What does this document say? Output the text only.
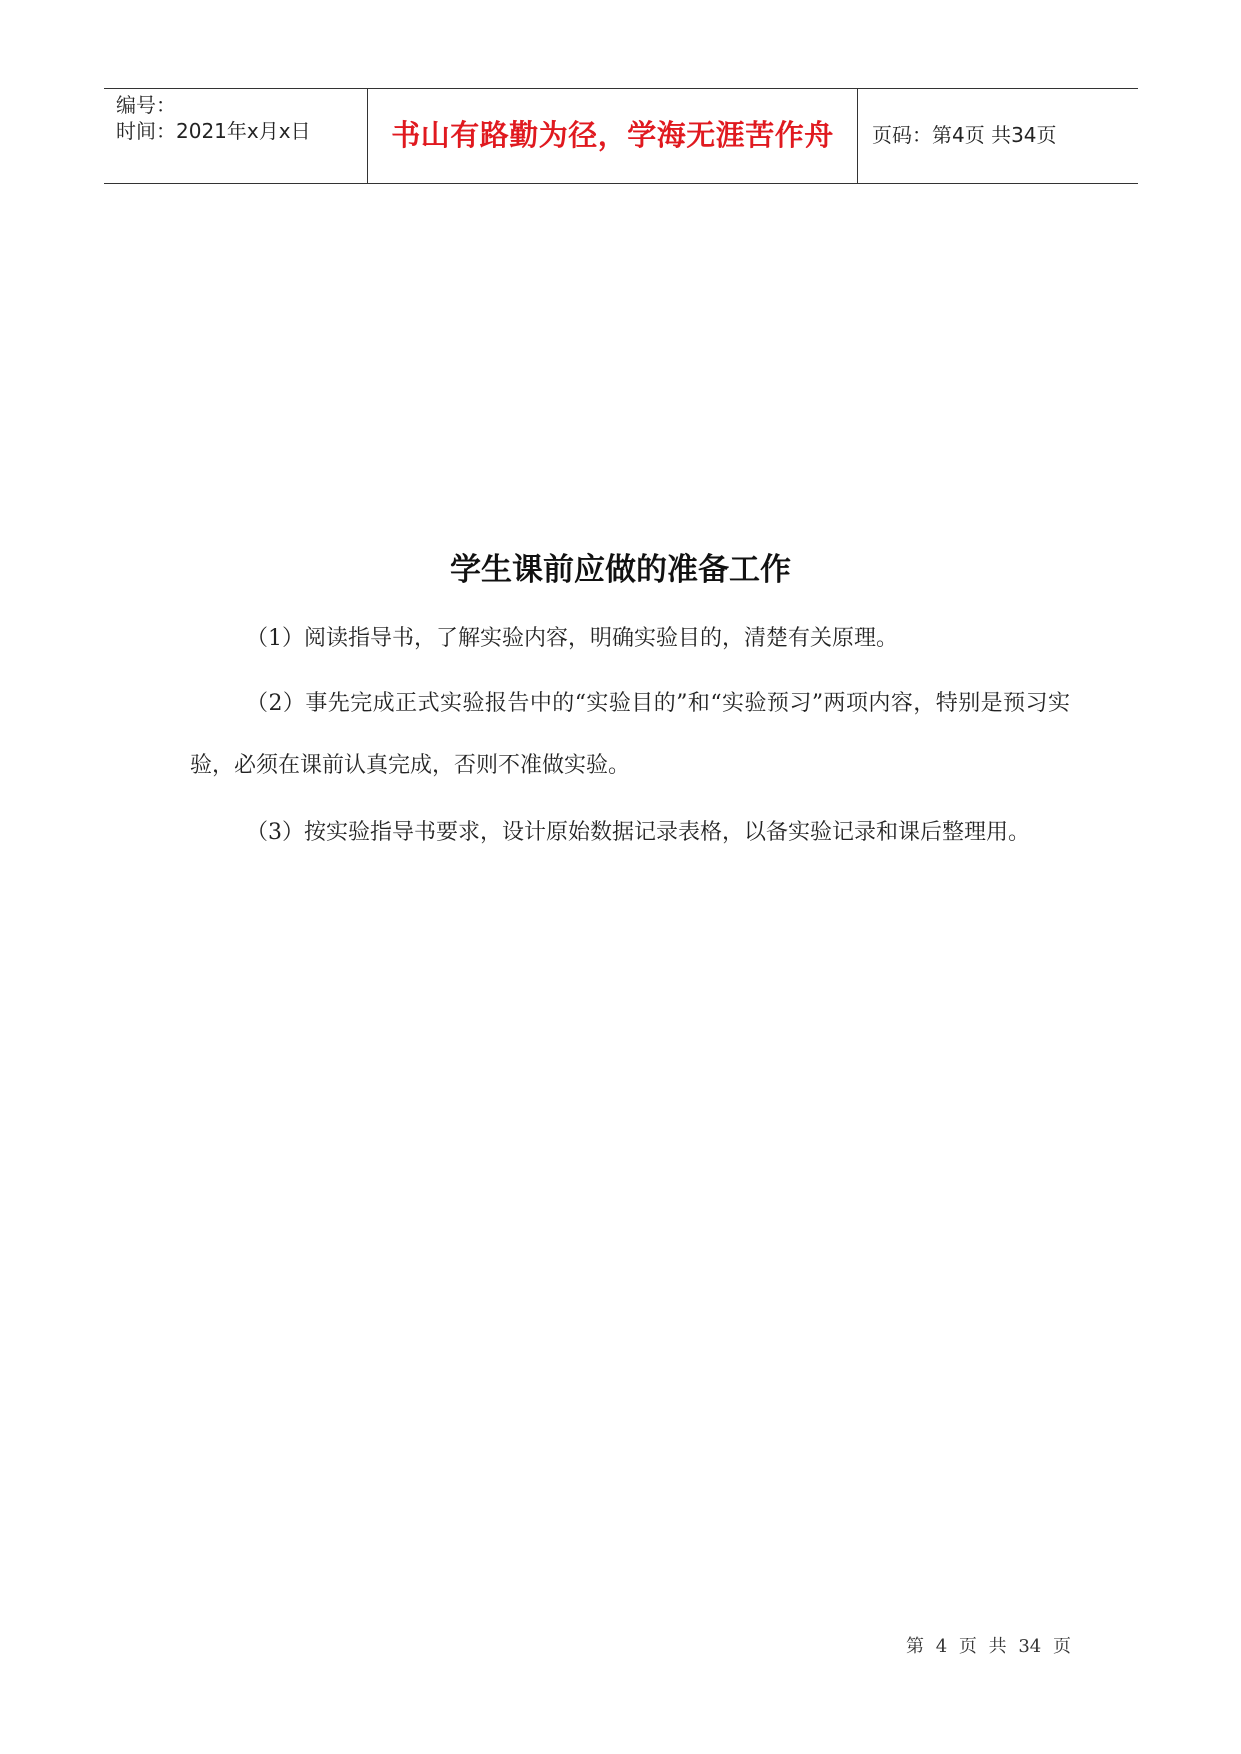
编号：
时间：2021年x月x日	书山有路勤为径，学海无涯苦作舟	页码：第4页 共34页
学生课前应做的准备工作
（1）阅读指导书，了解实验内容，明确实验目的，清楚有关原理。
（2）事先完成正式实验报告中的“实验目的”和“实验预习”两项内容，特别是预习实验，必须在课前认真完成，否则不准做实验。
（3）按实验指导书要求，设计原始数据记录表格，以备实验记录和课后整理用。
第 4 页 共 34 页
